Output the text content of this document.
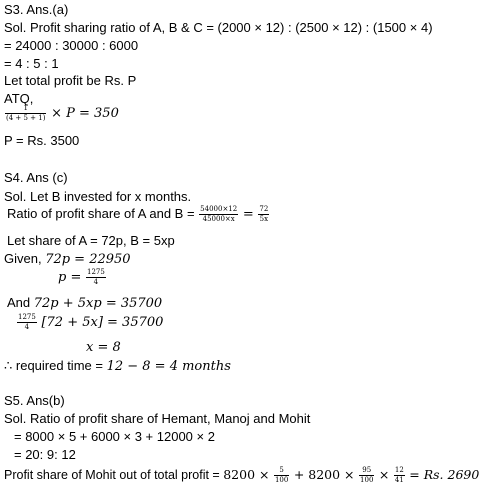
S3. Ans.(a)
Sol. Profit sharing ratio of A, B & C = (2000 × 12) : (2500 × 12) : (1500 × 4)
= 24000 : 30000 : 6000
= 4 : 5 : 1
Let total profit be Rs. P
ATQ,
$\frac{1}{(4 + 5 + 1)} \times P = 350$
P = Rs. 3500
S4. Ans (c)
Sol. Let B invested for x months.
Ratio of profit share of A and $B = \frac{54000\times 12}{45000\times x} = \frac{72}{5x}$
Let share of A = 72p, B = 5xp
Given, 72p = 22950
$p = \frac{1275}{4}$
And 72p + 5xp = 35700
$\frac{1275}{4} [72 + 5x] = 35700$
x = 8
∴ required time = 12 − 8 = 4 months
S5. Ans(b)
Sol. Ratio of profit share of Hemant, Manoj and Mohit
= 8000 × 5 + 6000 × 3 + 12000 × 2
= 20: 9: 12
Profit share of Mohit out of total profit = $8200 \times \frac{5}{100} + 8200 \times \frac{95}{100} \times \frac{12}{41} = Rs$. 2690
